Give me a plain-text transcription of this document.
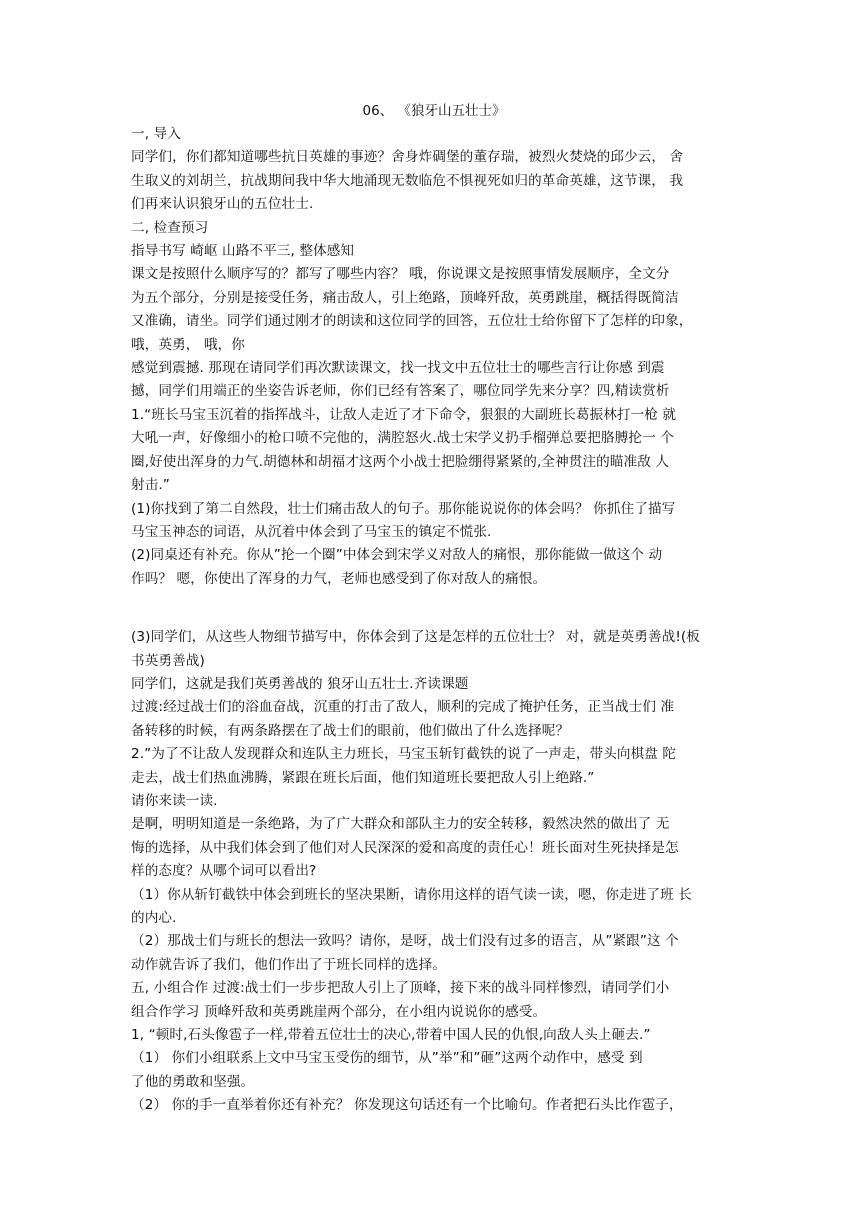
06、 《狼牙山五壮士》
一, 导入
同学们，你们都知道哪些抗日英雄的事迹？舍身炸碉堡的董存瑞，被烈火焚烧的邱少云， 舍
生取义的刘胡兰，抗战期间我中华大地涌现无数临危不惧视死如归的革命英雄，这节课， 我
们再来认识狼牙山的五位壮士.
二, 检查预习
指导书写 崎岖 山路不平三, 整体感知
课文是按照什么顺序写的？都写了哪些内容？ 哦，你说课文是按照事情发展顺序，全文分
为五个部分，分别是接受任务，痛击敌人，引上绝路，顶峰歼敌，英勇跳崖，概括得既简洁
又准确，请坐。同学们通过刚才的朗读和这位同学的回答，五位壮士给你留下了怎样的印象，
哦，英勇， 哦，你
感觉到震撼. 那现在请同学们再次默读课文，找一找文中五位壮士的哪些言行让你感 到震
撼，同学们用端正的坐姿告诉老师，你们已经有答案了，哪位同学先来分享？四,精读赏析
1.“班长马宝玉沉着的指挥战斗，让敌人走近了才下命令，狠狠的大副班长葛振林打一枪 就
大吼一声，好像细小的枪口喷不完他的，满腔怒火.战士宋学义扔手榴弹总要把胳膊抡一 个
圈,好使出浑身的力气.胡德林和胡福才这两个小战士把脸绷得紧紧的,全神贯注的瞄准敌 人
射击.”
(1)你找到了第二自然段，壮士们痛击敌人的句子。那你能说说你的体会吗？ 你抓住了描写
马宝玉神态的词语，从沉着中体会到了马宝玉的镇定不慌张.
(2)同桌还有补充。你从”抡一个圈”中体会到宋学义对敌人的痛恨，那你能做一做这个 动
作吗？ 嗯，你使出了浑身的力气，老师也感受到了你对敌人的痛恨。
(3)同学们，从这些人物细节描写中，你体会到了这是怎样的五位壮士？ 对，就是英勇善战!(板
书英勇善战)
同学们，这就是我们英勇善战的 狼牙山五壮士.齐读课题
过渡:经过战士们的浴血奋战，沉重的打击了敌人，顺利的完成了掩护任务，正当战士们 准
备转移的时候，有两条路摆在了战士们的眼前，他们做出了什么选择呢？
2.”为了不让敌人发现群众和连队主力班长，马宝玉斩钉截铁的说了一声走，带头向棋盘 陀
走去，战士们热血沸腾，紧跟在班长后面，他们知道班长要把敌人引上绝路.”
请你来读一读.
是啊，明明知道是一条绝路，为了广大群众和部队主力的安全转移，毅然决然的做出了 无
悔的选择，从中我们体会到了他们对人民深深的爱和高度的责任心！班长面对生死抉择是怎
样的态度？从哪个词可以看出?
（1）你从斩钉截铁中体会到班长的坚决果断，请你用这样的语气读一读，嗯，你走进了班 长
的内心.
（2）那战士们与班长的想法一致吗？请你，是呀，战士们没有过多的语言，从”紧跟”这 个
动作就告诉了我们，他们作出了于班长同样的选择。
五, 小组合作 过渡:战士们一步步把敌人引上了顶峰，接下来的战斗同样惨烈，请同学们小
组合作学习 顶峰歼敌和英勇跳崖两个部分，在小组内说说你的感受。
1, “顿时,石头像雹子一样,带着五位壮士的决心,带着中国人民的仇恨,向敌人头上砸去.”
（1） 你们小组联系上文中马宝玉受伤的细节，从”举”和”砸”这两个动作中，感受 到
了他的勇敢和坚强。
（2） 你的手一直举着你还有补充？ 你发现这句话还有一个比喻句。作者把石头比作雹子，
